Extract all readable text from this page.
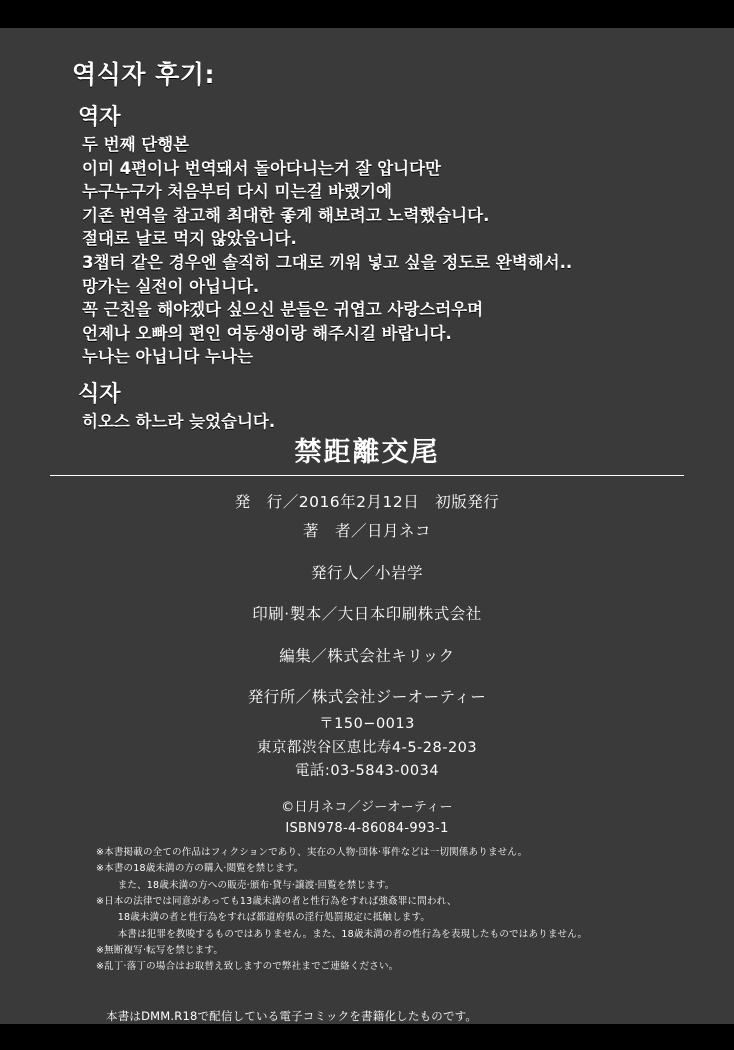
역식자 후기:
역자
두 번째 단행본
이미 4편이나 번역돼서 돌아다니는거 잘 압니다만
누구누구가 처음부터 다시 미는걸 바랬기에
기존 번역을 참고해 최대한 좋게 해보려고 노력했습니다.
절대로 날로 먹지 않았읍니다.
3챕터 같은 경우엔 솔직히 그대로 끼워 넣고 싶을 정도로 완벽해서..
망가는 실전이 아닙니다.
꼭 근친을 해야겠다 싶으신 분들은 귀엽고 사랑스러우며
언제나 오빠의 편인 여동생이랑 해주시길 바랍니다.
누나는 아닙니다 누나는
식자
히오스 하느라 늦었습니다.
禁距離交尾
発　行／2016年2月12日　初版発行
著　者／日月ネコ
発行人／小岩学
印刷·製本／大日本印刷株式会社
編集／株式会社キリック
発行所／株式会社ジーオーティー
〒150−0013
東京都渋谷区恵比寿4-5-28-203
電話:03-5843-0034
©日月ネコ／ジーオーティー
ISBN978-4-86084-993-1
※本書掲載の全ての作品はフィクションであり、実在の人物·団体·事件などは一切関係ありません。
※本書の18歳未満の方の購入·閲覧を禁じます。
　また、18歳未満の方への販売·頒布·貸与·譲渡·回覧を禁じます。
※日本の法律では同意があっても13歳未満の者と性行為をすれば強姦罪に問われ、
　18歳未満の者と性行為をすれば都道府県の淫行処罰規定に抵触します。
　本書は犯罪を教唆するものではありません。また、18歳未満の者の性行為を表現したものではありません。
※無断複写·転写を禁じます。
※乱丁·落丁の場合はお取替え致しますので弊社までご連絡ください。
本書はDMM.R18で配信している電子コミックを書籍化したものです。
